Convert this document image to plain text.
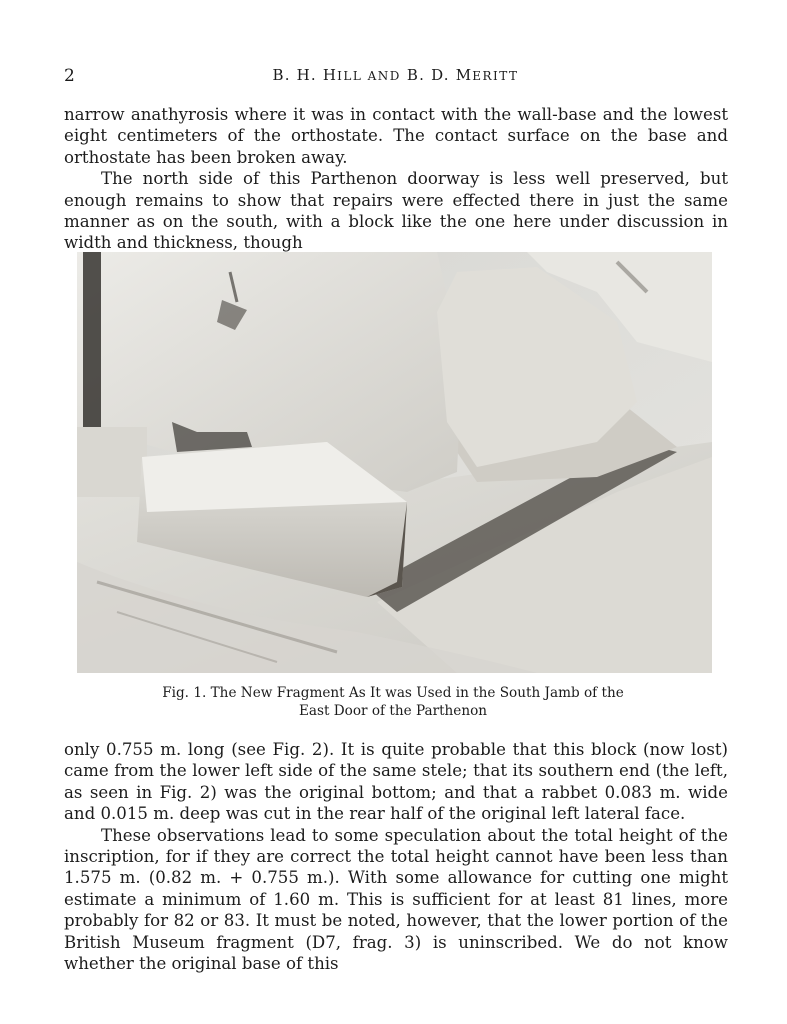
2	B. H. HILL AND B. D. MERITT
narrow anathyrosis where it was in contact with the wall-base and the lowest eight centimeters of the orthostate. The contact surface on the base and orthostate has been broken away.
The north side of this Parthenon doorway is less well preserved, but enough remains to show that repairs were effected there in just the same manner as on the south, with a block like the one here under discussion in width and thickness, though
Fig. 1. The New Fragment As It was Used in the South Jamb of the
East Door of the Parthenon
only 0.755 m. long (see Fig. 2). It is quite probable that this block (now lost) came from the lower left side of the same stele; that its southern end (the left, as seen in Fig. 2) was the original bottom; and that a rabbet 0.083 m. wide and 0.015 m. deep was cut in the rear half of the original left lateral face.
These observations lead to some speculation about the total height of the inscription, for if they are correct the total height cannot have been less than 1.575 m. (0.82 m. + 0.755 m.). With some allowance for cutting one might estimate a minimum of 1.60 m. This is sufficient for at least 81 lines, more probably for 82 or 83. It must be noted, however, that the lower portion of the British Museum fragment (D7, frag. 3) is uninscribed. We do not know whether the original base of this
